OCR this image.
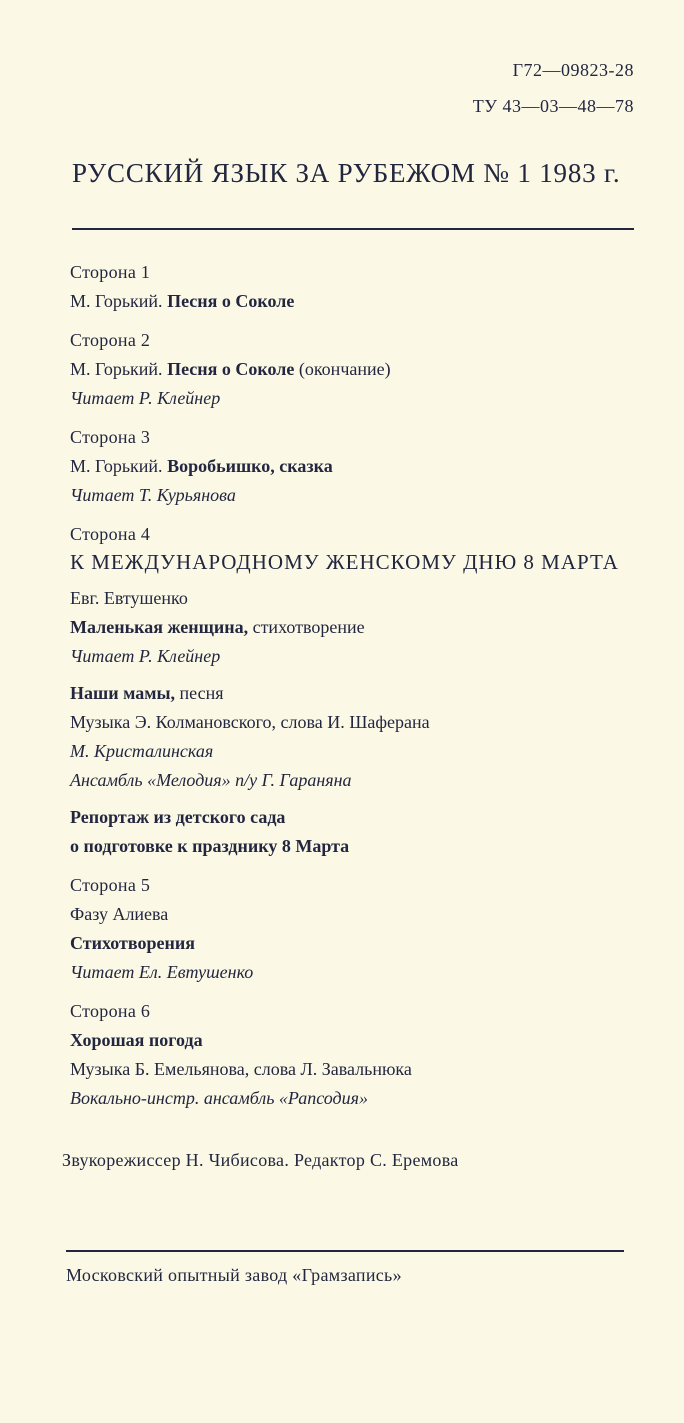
Г72—09823-28
ТУ 43—03—48—78
РУССКИЙ ЯЗЫК ЗА РУБЕЖОМ № 1 1983 г.
Сторона 1
М. Горький. Песня о Соколе
Сторона 2
М. Горький. Песня о Соколе (окончание)
Читает Р. Клейнер
Сторона 3
М. Горький. Воробьишко, сказка
Читает Т. Курьянова
Сторона 4
К МЕЖДУНАРОДНОМУ ЖЕНСКОМУ ДНЮ 8 МАРТА
Евг. Евтушенко
Маленькая женщина, стихотворение
Читает Р. Клейнер
Наши мамы, песня
Музыка Э. Колмановского, слова И. Шаферана
М. Кристалинская
Ансамбль «Мелодия» п/у Г. Гараняна
Репортаж из детского сада
о подготовке к празднику 8 Марта
Сторона 5
Фазу Алиева
Стихотворения
Читает Ел. Евтушенко
Сторона 6
Хорошая погода
Музыка Б. Емельянова, слова Л. Завальнюка
Вокально-инстр. ансамбль «Рапсодия»
Звукорежиссер Н. Чибисова. Редактор С. Еремова
Московский опытный завод «Грамзапись»
